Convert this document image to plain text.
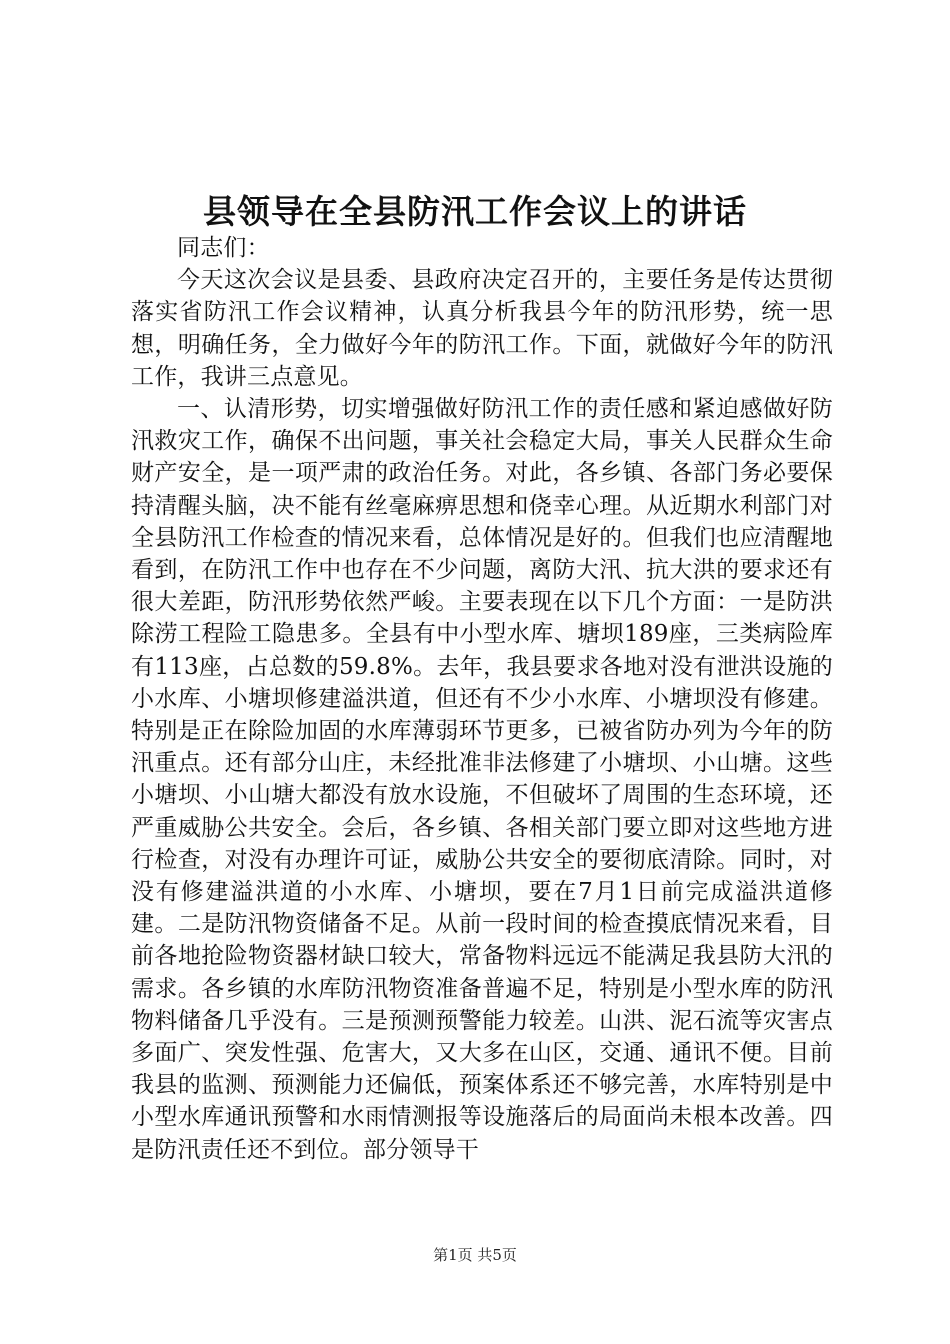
县领导在全县防汛工作会议上的讲话

同志们：

今天这次会议是县委、县政府决定召开的，主要任务是传达贯彻落实省防汛工作会议精神，认真分析我县今年的防汛形势，统一思想，明确任务，全力做好今年的防汛工作。下面，就做好今年的防汛工作，我讲三点意见。

一、认清形势，切实增强做好防汛工作的责任感和紧迫感做好防汛救灾工作，确保不出问题，事关社会稳定大局，事关人民群众生命财产安全，是一项严肃的政治任务。对此，各乡镇、各部门务必要保持清醒头脑，决不能有丝毫麻痹思想和侥幸心理。从近期水利部门对全县防汛工作检查的情况来看，总体情况是好的。但我们也应清醒地看到，在防汛工作中也存在不少问题，离防大汛、抗大洪的要求还有很大差距，防汛形势依然严峻。主要表现在以下几个方面：一是防洪除涝工程险工隐患多。全县有中小型水库、塘坝189座，三类病险库有113座，占总数的59.8%。去年，我县要求各地对没有泄洪设施的小水库、小塘坝修建溢洪道，但还有不少小水库、小塘坝没有修建。特别是正在除险加固的水库薄弱环节更多，已被省防办列为今年的防汛重点。还有部分山庄，未经批准非法修建了小塘坝、小山塘。这些小塘坝、小山塘大都没有放水设施，不但破坏了周围的生态环境，还严重威胁公共安全。会后，各乡镇、各相关部门要立即对这些地方进行检查，对没有办理许可证，威胁公共安全的要彻底清除。同时，对没有修建溢洪道的小水库、小塘坝，要在7月1日前完成溢洪道修建。二是防汛物资储备不足。从前一段时间的检查摸底情况来看，目前各地抢险物资器材缺口较大，常备物料远远不能满足我县防大汛的需求。各乡镇的水库防汛物资准备普遍不足，特别是小型水库的防汛物料储备几乎没有。三是预测预警能力较差。山洪、泥石流等灾害点多面广、突发性强、危害大，又大多在山区，交通、通讯不便。目前我县的监测、预测能力还偏低，预案体系还不够完善，水库特别是中小型水库通讯预警和水雨情测报等设施落后的局面尚未根本改善。四是防汛责任还不到位。部分领导干

第1页 共5页
